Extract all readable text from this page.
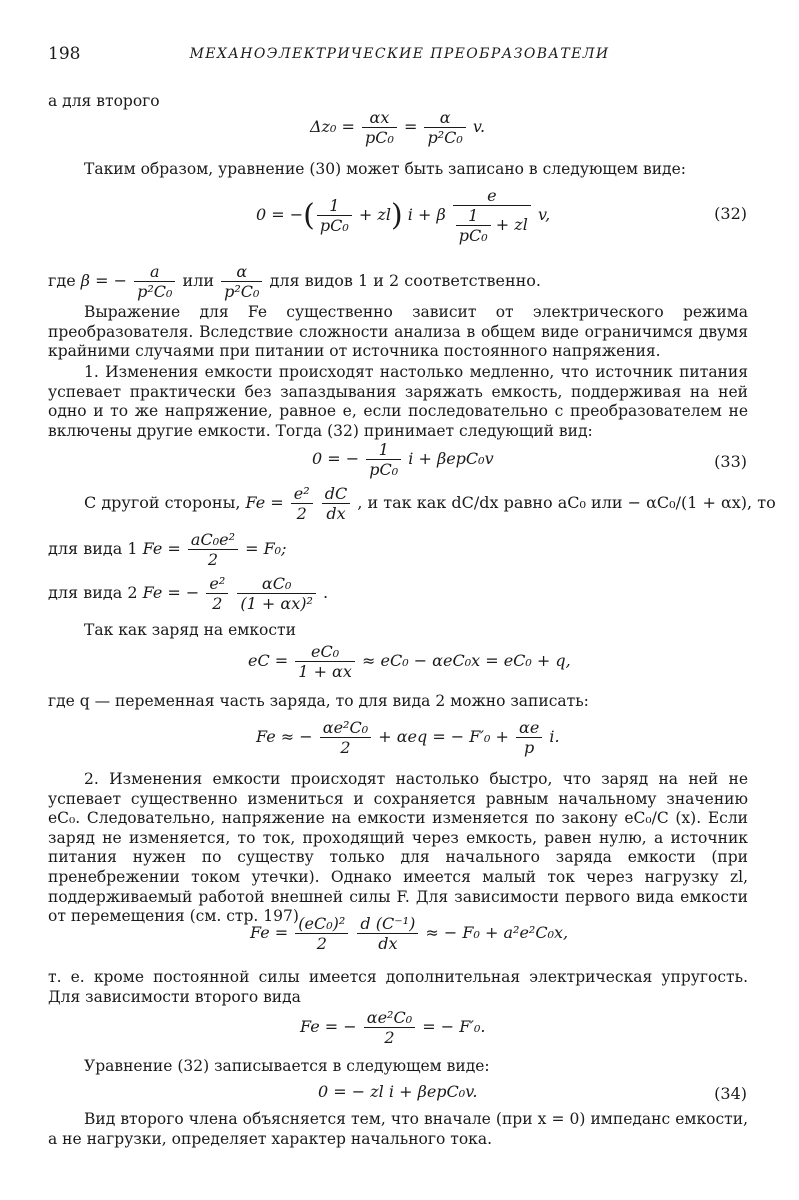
198	МЕХАНОЭЛЕКТРИЧЕСКИЕ ПРЕОБРАЗОВАТЕЛИ
а для второго
$\Delta z_0 = \frac{\alpha x}{\text{pC₀}} = \frac{\alpha}{\text{p²C₀}} v$.
Таким образом, уравнение (30) может быть записано в следующем виде:
0 = −( $\frac{1}{\text{pC₀}} + zl$) i + β $\frac{e}{\frac{1}{\text{pC₀}} + zl} v$,	(32)
где β = − $\frac{a}{\text{p²C₀}}$ или $\frac{\alpha}{\text{p²C₀}}$ для видов 1 и 2 соответственно.
Выражение для Fe существенно зависит от электрического режима преобразователя. Вследствие сложности анализа в общем виде ограничимся двумя крайними случаями при питании от источника постоянного напряжения.
1. Изменения емкости происходят настолько медленно, что источник питания успевает практически без запаздывания заряжать емкость, поддерживая на ней одно и то же напряжение, равное e, если последовательно с преобразователем не включены другие емкости. Тогда (32) принимает следующий вид:
0 = − $\frac{1}{\text{pC₀}}$ i + βepC₀v	(33)
С другой стороны, $Fe = \frac{\text{e²}}{2}$
$\frac{dC}{dx}$ , и так как dC/dx равно aC₀ или − αC₀/(1 + αx), то
для вида 1 $Fe = \frac{\text{aC₀e²}}{2} = F_0$;
для вида 2 Fe = − $\frac{\text{e²}}{2}$
$\frac{\text{αC₀}}{\text{(1 + αx)²}}$ .
Так как заряд на емкости
eC = $\frac{\text{eC₀}}{1 + \alpha x} \approx eC_0 - \alpha eC_0x = eC_0 + q$,
где q — переменная часть заряда, то для вида 2 можно записать:
Fe ≈ − $\frac{\text{αe²C₀}}{2} + \alpha eq$ = − $F'_0 + \frac{\alpha e}{p} i$.
2. Изменения емкости происходят настолько быстро, что заряд на ней не успевает существенно измениться и сохраняется равным начальному значению eC₀. Следовательно, напряжение на емкости изменяется по закону eC₀/C (x). Если заряд не изменяется, то ток, проходящий через емкость, равен нулю, а источник питания нужен по существу только для начального заряда емкости (при пренебрежении током утечки). Однако имеется малый ток через нагрузку zl, поддерживаемый работой внешней силы F. Для зависимости первого вида емкости от перемещения (см. стр. 197)
$Fe = \frac{\text{(eC₀)²}}{2}$
$\frac{\text{d (C⁻¹)}}{dx}$ ≈ − F₀ + a²e²C₀x,
т. е. кроме постоянной силы имеется дополнительная электрическая упругость. Для зависимости второго вида
Fe = − $\frac{\text{αe²C₀}}{2}$ = − F′₀.
Уравнение (32) записывается в следующем виде:
0 = − zl i + βepC₀v.	(34)
Вид второго члена объясняется тем, что вначале (при x = 0) импеданс емкости, а не нагрузки, определяет характер начального тока.
